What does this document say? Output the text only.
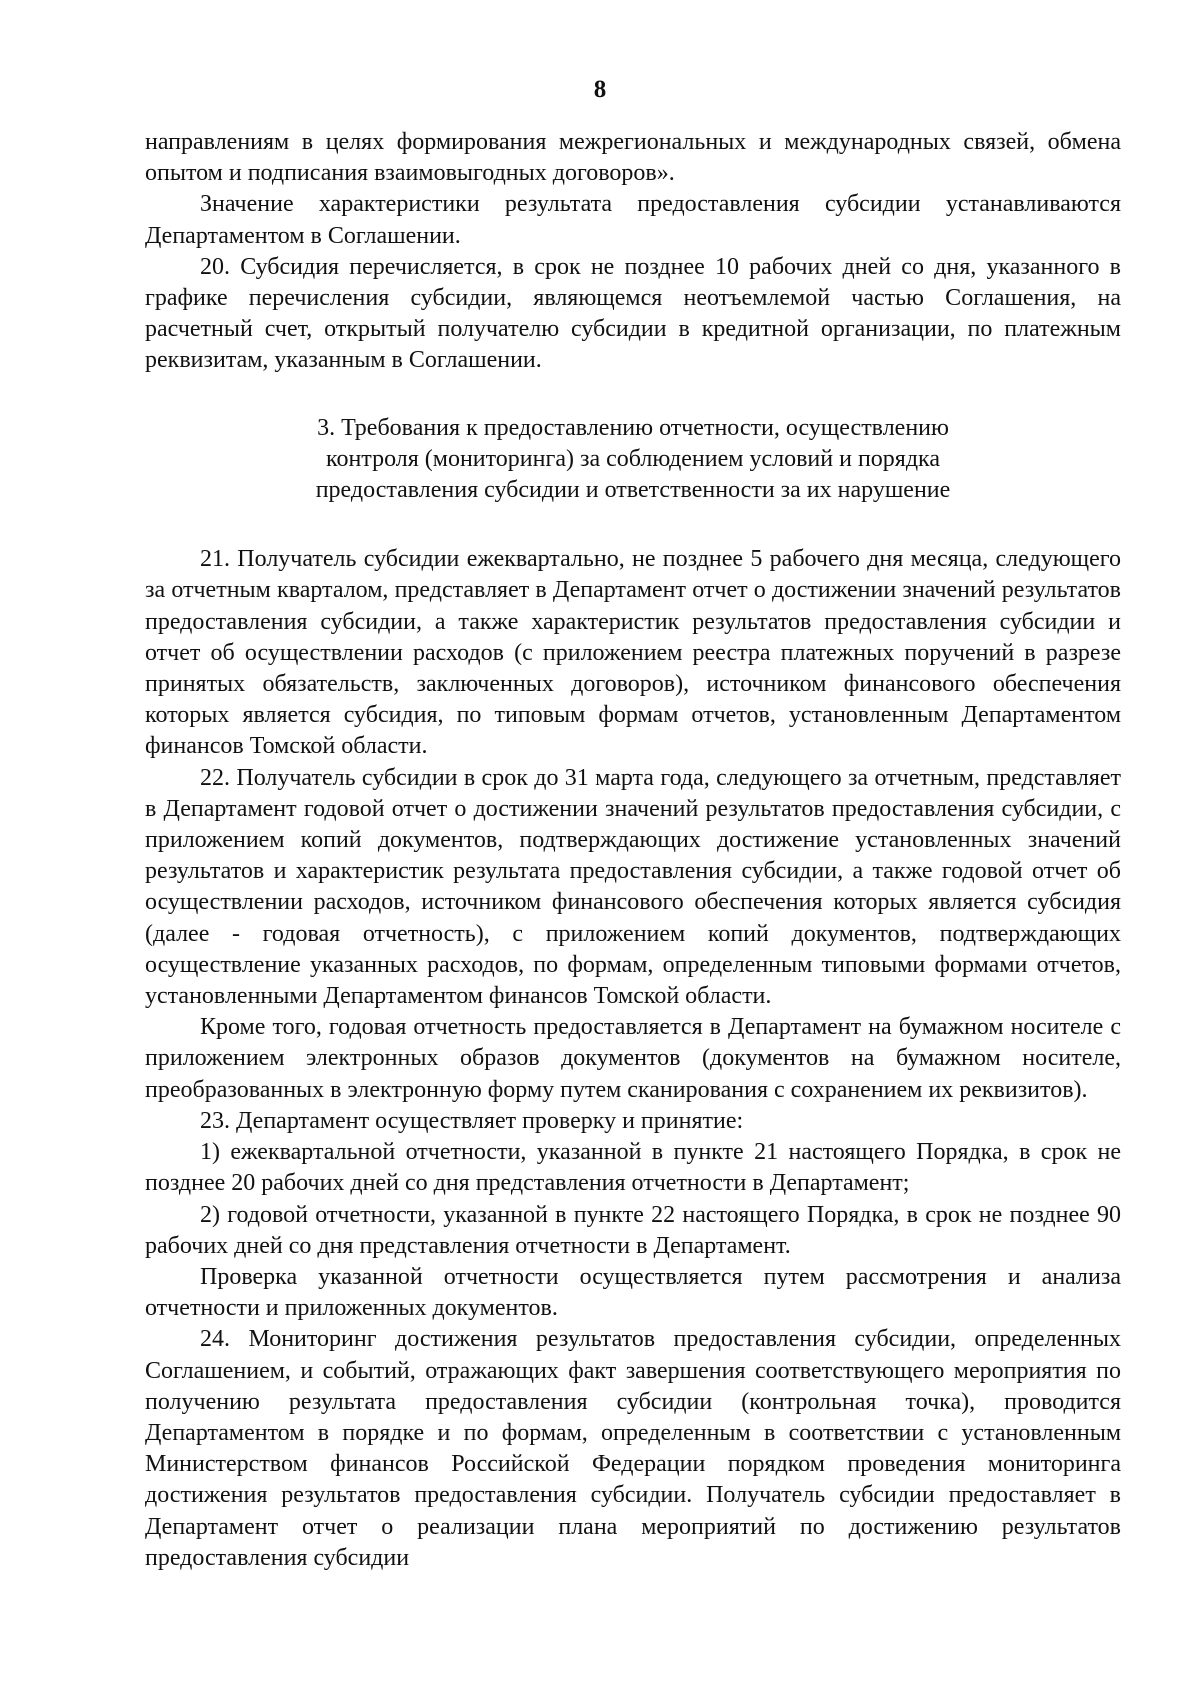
8

направлениям в целях формирования межрегиональных и международных связей, обмена опытом и подписания взаимовыгодных договоров».

Значение характеристики результата предоставления субсидии устанавливаются Департаментом в Соглашении.

20. Субсидия перечисляется, в срок не позднее 10 рабочих дней со дня, указанного в графике перечисления субсидии, являющемся неотъемлемой частью Соглашения, на расчетный счет, открытый получателю субсидии в кредитной организации, по платежным реквизитам, указанным в Соглашении.

3. Требования к предоставлению отчетности, осуществлению
контроля (мониторинга) за соблюдением условий и порядка
предоставления субсидии и ответственности за их нарушение

21. Получатель субсидии ежеквартально, не позднее 5 рабочего дня месяца, следующего за отчетным кварталом, представляет в Департамент отчет о достижении значений результатов предоставления субсидии, а также характеристик результатов предоставления субсидии и отчет об осуществлении расходов (с приложением реестра платежных поручений в разрезе принятых обязательств, заключенных договоров), источником финансового обеспечения которых является субсидия, по типовым формам отчетов, установленным Департаментом финансов Томской области.

22. Получатель субсидии в срок до 31 марта года, следующего за отчетным, представляет в Департамент годовой отчет о достижении значений результатов предоставления субсидии, с приложением копий документов, подтверждающих достижение установленных значений результатов и характеристик результата предоставления субсидии, а также годовой отчет об осуществлении расходов, источником финансового обеспечения которых является субсидия (далее - годовая отчетность), с приложением копий документов, подтверждающих осуществление указанных расходов, по формам, определенным типовыми формами отчетов, установленными Департаментом финансов Томской области.

Кроме того, годовая отчетность предоставляется в Департамент на бумажном носителе с приложением электронных образов документов (документов на бумажном носителе, преобразованных в электронную форму путем сканирования с сохранением их реквизитов).

23. Департамент осуществляет проверку и принятие:

1) ежеквартальной отчетности, указанной в пункте 21 настоящего Порядка, в срок не позднее 20 рабочих дней со дня представления отчетности в Департамент;

2) годовой отчетности, указанной в пункте 22 настоящего Порядка, в срок не позднее 90 рабочих дней со дня представления отчетности в Департамент.

Проверка указанной отчетности осуществляется путем рассмотрения и анализа отчетности и приложенных документов.

24. Мониторинг достижения результатов предоставления субсидии, определенных Соглашением, и событий, отражающих факт завершения соответствующего мероприятия по получению результата предоставления субсидии (контрольная точка), проводится Департаментом в порядке и по формам, определенным в соответствии с установленным Министерством финансов Российской Федерации порядком проведения мониторинга достижения результатов предоставления субсидии. Получатель субсидии предоставляет в Департамент отчет о реализации плана мероприятий по достижению результатов предоставления субсидии
